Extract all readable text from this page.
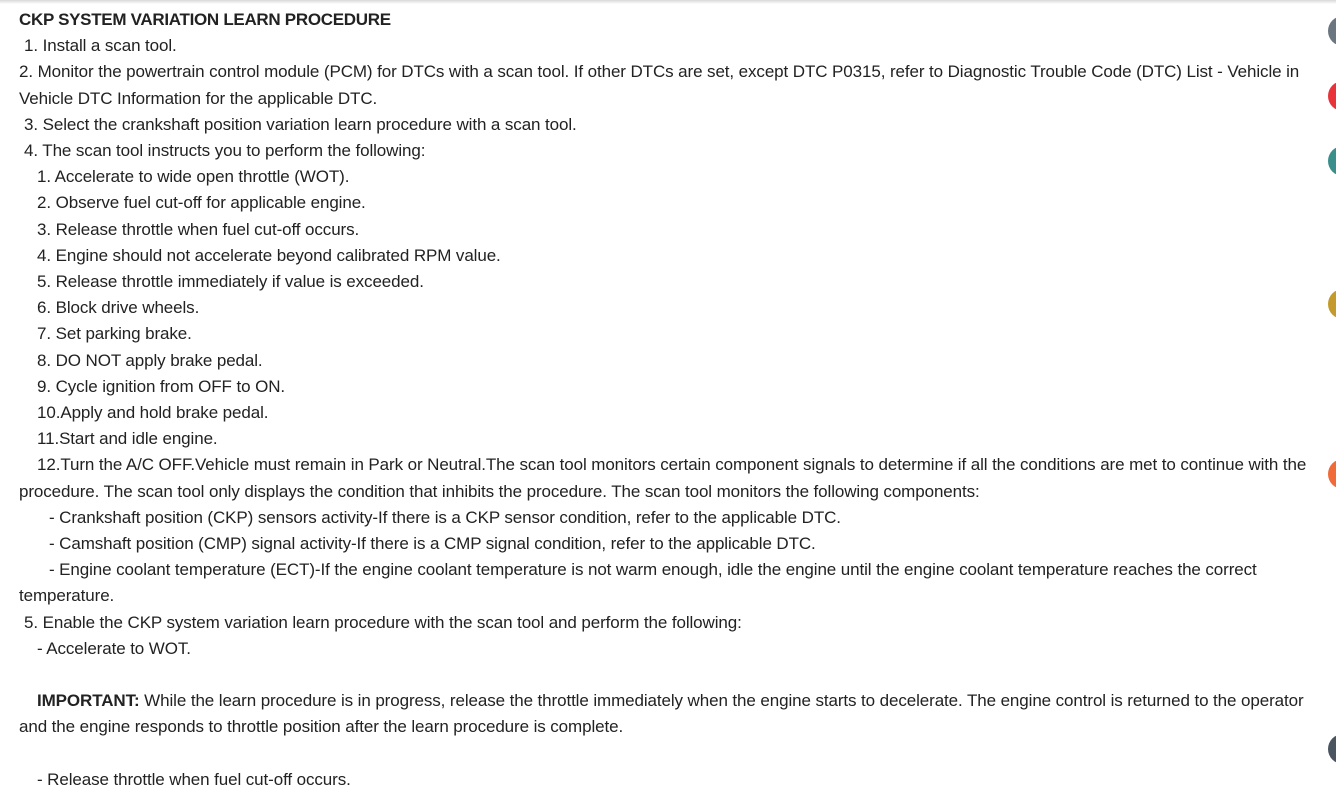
CKP SYSTEM VARIATION LEARN PROCEDURE

1. Install a scan tool.

2. Monitor the powertrain control module (PCM) for DTCs with a scan tool. If other DTCs are set, except DTC P0315, refer to Diagnostic Trouble Code (DTC) List - Vehicle in Vehicle DTC Information for the applicable DTC.

3. Select the crankshaft position variation learn procedure with a scan tool.

4. The scan tool instructs you to perform the following:

1. Accelerate to wide open throttle (WOT).

2. Observe fuel cut-off for applicable engine.

3. Release throttle when fuel cut-off occurs.

4. Engine should not accelerate beyond calibrated RPM value.

5. Release throttle immediately if value is exceeded.

6. Block drive wheels.

7. Set parking brake.

8. DO NOT apply brake pedal.

9. Cycle ignition from OFF to ON.

10.Apply and hold brake pedal.

11.Start and idle engine.

12.Turn the A/C OFF.Vehicle must remain in Park or Neutral.The scan tool monitors certain component signals to determine if all the conditions are met to continue with the procedure. The scan tool only displays the condition that inhibits the procedure. The scan tool monitors the following components:

- Crankshaft position (CKP) sensors activity-If there is a CKP sensor condition, refer to the applicable DTC.

- Camshaft position (CMP) signal activity-If there is a CMP signal condition, refer to the applicable DTC.

- Engine coolant temperature (ECT)-If the engine coolant temperature is not warm enough, idle the engine until the engine coolant temperature reaches the correct temperature.

5. Enable the CKP system variation learn procedure with the scan tool and perform the following:

- Accelerate to WOT.

IMPORTANT: While the learn procedure is in progress, release the throttle immediately when the engine starts to decelerate. The engine control is returned to the operator and the engine responds to throttle position after the learn procedure is complete.

- Release throttle when fuel cut-off occurs.
